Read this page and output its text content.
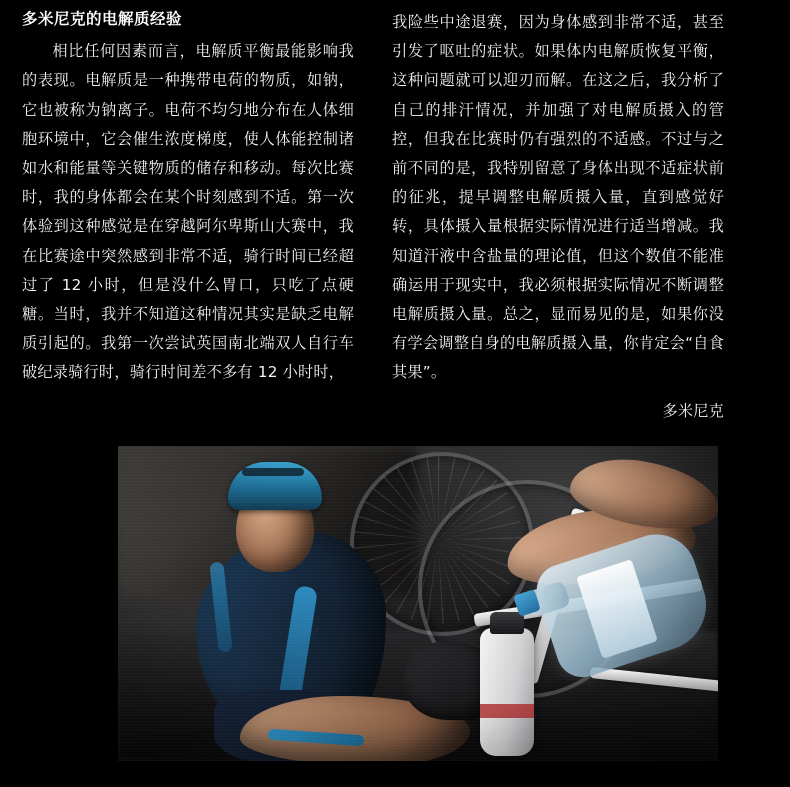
多米尼克的电解质经验

相比任何因素而言，电解质平衡最能影响我的表现。电解质是一种携带电荷的物质，如钠，它也被称为钠离子。电荷不均匀地分布在人体细胞环境中，它会催生浓度梯度，使人体能控制诸如水和能量等关键物质的储存和移动。每次比赛时，我的身体都会在某个时刻感到不适。第一次体验到这种感觉是在穿越阿尔卑斯山大赛中，我在比赛途中突然感到非常不适，骑行时间已经超过了 12 小时，但是没什么胃口，只吃了点硬糖。当时，我并不知道这种情况其实是缺乏电解质引起的。我第一次尝试英国南北端双人自行车破纪录骑行时，骑行时间差不多有 12 小时时，

我险些中途退赛，因为身体感到非常不适，甚至引发了呕吐的症状。如果体内电解质恢复平衡，这种问题就可以迎刃而解。在这之后，我分析了自己的排汗情况，并加强了对电解质摄入的管控，但我在比赛时仍有强烈的不适感。不过与之前不同的是，我特别留意了身体出现不适症状前的征兆，提早调整电解质摄入量，直到感觉好转，具体摄入量根据实际情况进行适当增减。我知道汗液中含盐量的理论值，但这个数值不能准确运用于现实中，我必须根据实际情况不断调整电解质摄入量。总之，显而易见的是，如果你没有学会调整自身的电解质摄入量，你肯定会“自食其果”。

多米尼克
